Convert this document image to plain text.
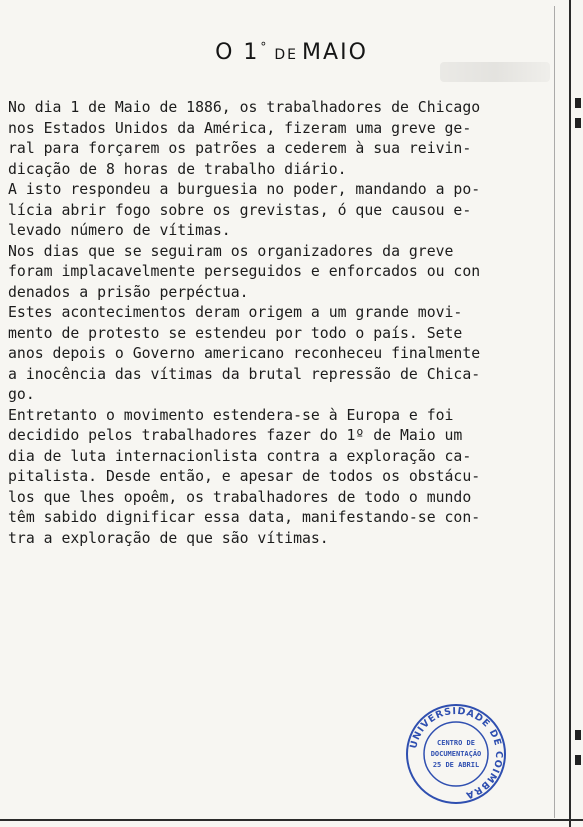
O 1° DE MAIO
No dia 1 de Maio de 1886, os trabalhadores de Chicago
nos Estados Unidos da América, fizeram uma greve ge-
ral para forçarem os patrões a cederem à sua reivin-
dicação de 8 horas de trabalho diário.
A isto respondeu a burguesia no poder, mandando a po-
lícia abrir fogo sobre os grevistas, ó que causou e-
levado número de vítimas.
Nos dias que se seguiram os organizadores da greve
foram implacavelmente perseguidos e enforcados ou con
denados a prisão perpéctua.
Estes acontecimentos deram origem a um grande movi-
mento de protesto se estendeu por todo o país. Sete
anos depois o Governo americano reconheceu finalmente
a inocência das vítimas da brutal repressão de Chica-
go.
Entretanto o movimento estendera-se à Europa e foi
decidido pelos trabalhadores fazer do 1º de Maio um
dia de luta internacionlista contra a exploração ca-
pitalista. Desde então, e apesar de todos os obstácu-
los que lhes opoêm, os trabalhadores de todo o mundo
têm sabido dignificar essa data, manifestando-se con-
tra a exploração de que são vítimas.
UNIVERSIDADE DE COIMBRA
CENTRO DE
DOCUMENTAÇÃO
25 DE ABRIL
